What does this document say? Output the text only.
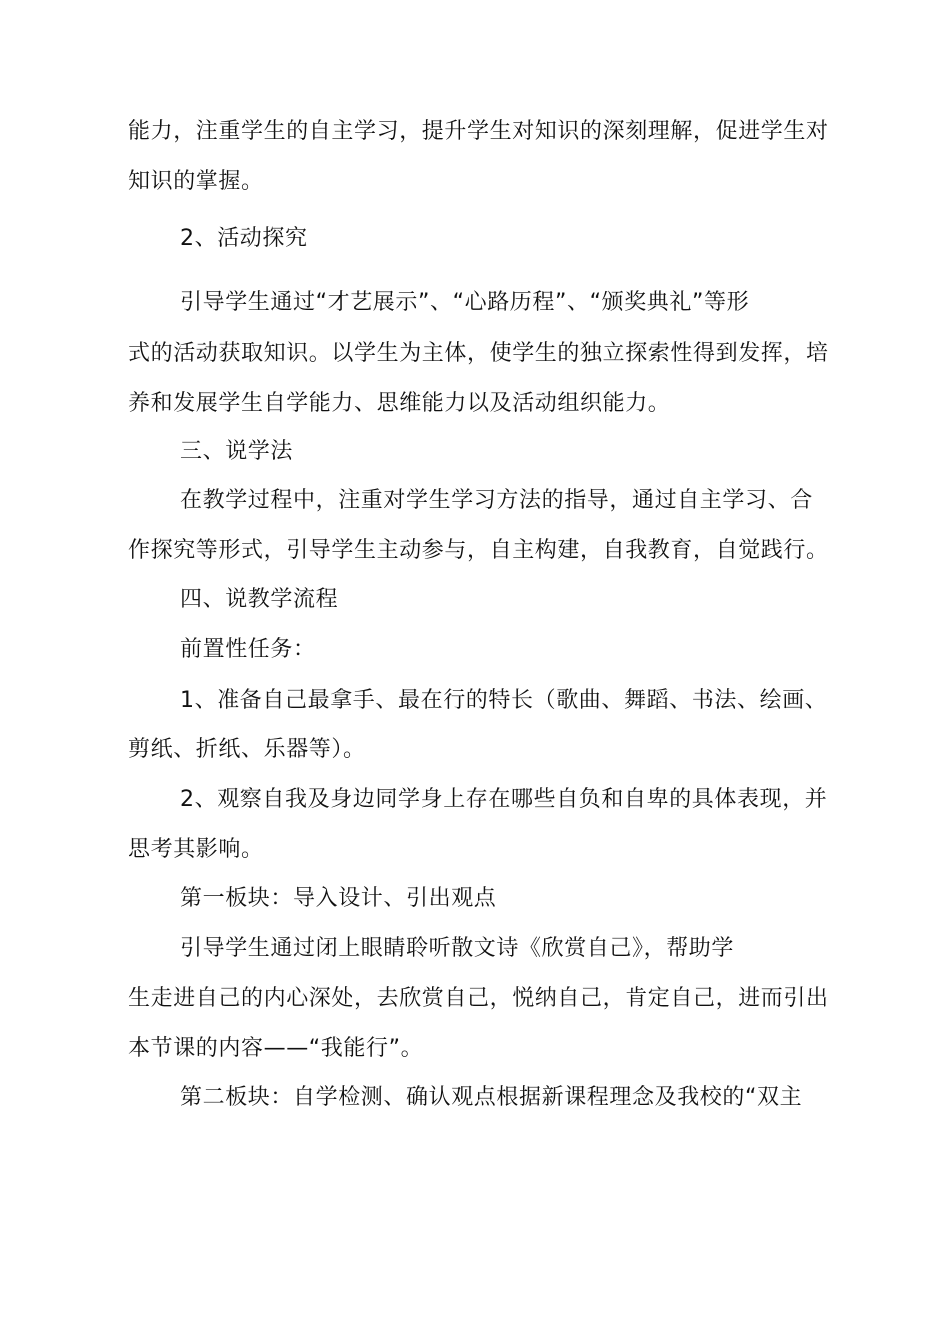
能力，注重学生的自主学习，提升学生对知识的深刻理解，促进学生对
知识的掌握。
2、活动探究
引导学生通过“才艺展示”、“心路历程”、“颁奖典礼”等形
式的活动获取知识。以学生为主体，使学生的独立探索性得到发挥，培
养和发展学生自学能力、思维能力以及活动组织能力。
三、说学法
在教学过程中，注重对学生学习方法的指导，通过自主学习、合
作探究等形式，引导学生主动参与，自主构建，自我教育，自觉践行。
四、说教学流程
前置性任务：
1、准备自己最拿手、最在行的特长（歌曲、舞蹈、书法、绘画、
剪纸、折纸、乐器等）。
2、观察自我及身边同学身上存在哪些自负和自卑的具体表现，并
思考其影响。
第一板块：导入设计、引出观点
引导学生通过闭上眼睛聆听散文诗《欣赏自己》，帮助学
生走进自己的内心深处，去欣赏自己，悦纳自己，肯定自己，进而引出
本节课的内容——“我能行”。
第二板块：自学检测、确认观点根据新课程理念及我校的“双主
